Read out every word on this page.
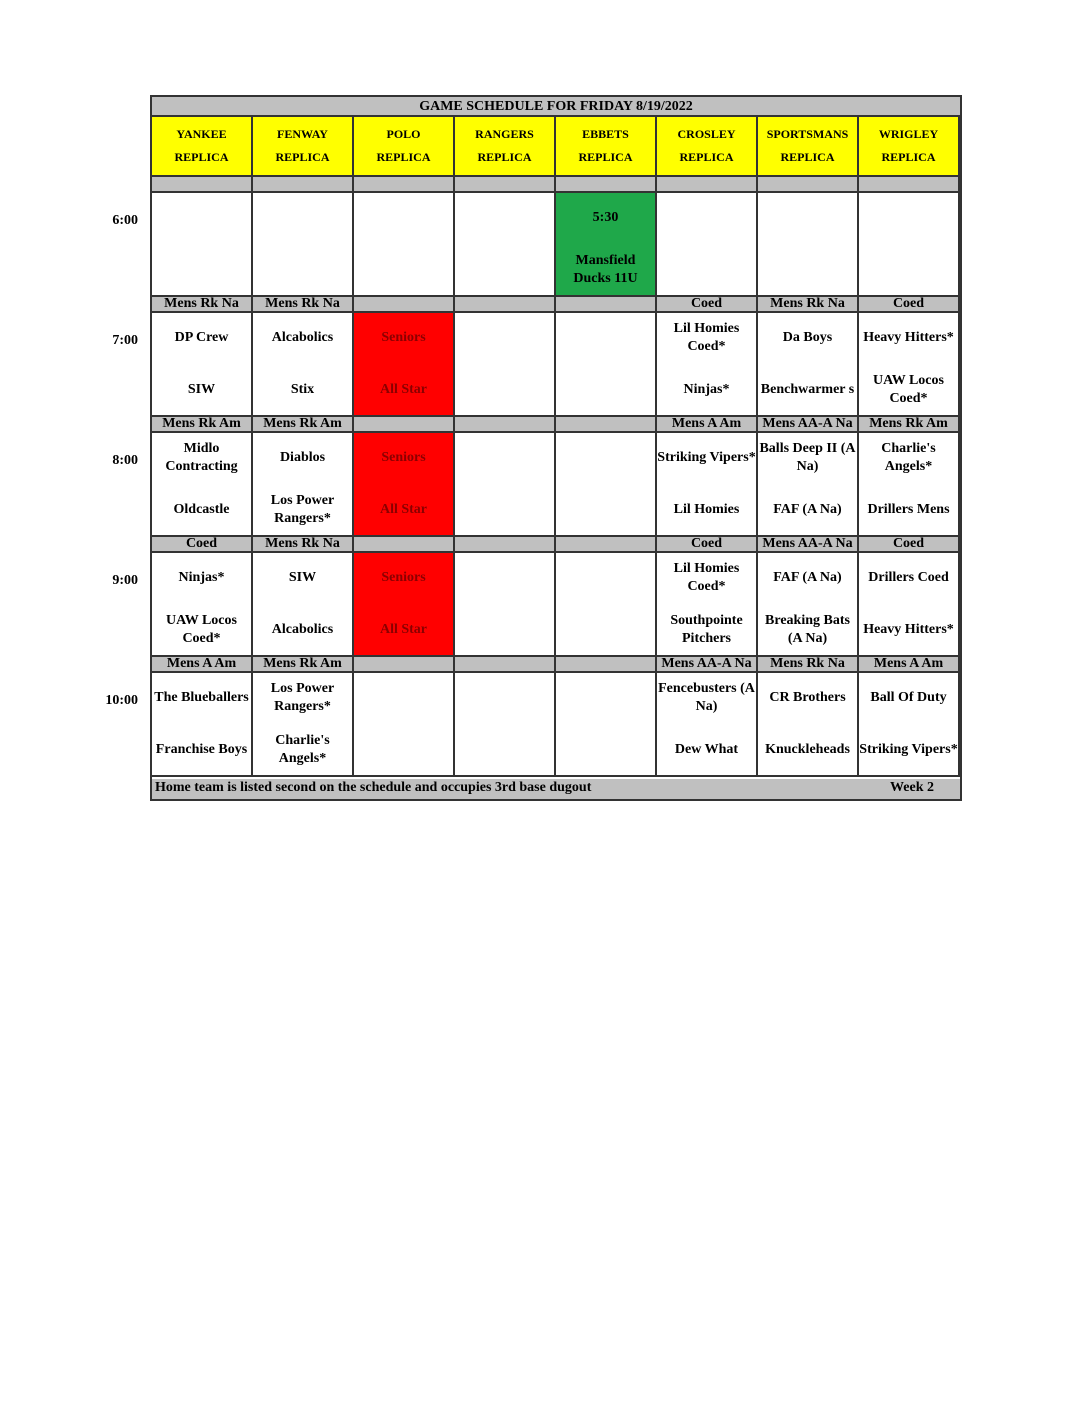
GAME SCHEDULE FOR FRIDAY 8/19/2022
YANKEE
REPLICA
FENWAY
REPLICA
POLO
REPLICA
RANGERS
REPLICA
EBBETS
REPLICA
CROSLEY
REPLICA
SPORTSMANS
REPLICA
WRIGLEY
REPLICA
5:30
Mansfield Ducks 11U
Mens Rk Na
DP Crew
SIW
Mens Rk Na
Alcabolics
Stix
Seniors
All Star
Coed
Lil Homies Coed*
Ninjas*
Mens Rk Na
Da Boys
Benchwarmer s
Coed
Heavy Hitters*
UAW Locos Coed*
Mens Rk Am
Midlo Contracting
Oldcastle
Mens Rk Am
Diablos
Los Power Rangers*
Seniors
All Star
Mens A Am
Striking Vipers*
Lil Homies
Mens AA-A Na
Balls Deep II (A Na)
FAF (A Na)
Mens Rk Am
Charlie's Angels*
Drillers Mens
Coed
Ninjas*
UAW Locos Coed*
Mens Rk Na
SIW
Alcabolics
Seniors
All Star
Coed
Lil Homies Coed*
Southpointe Pitchers
Mens AA-A Na
FAF (A Na)
Breaking Bats (A Na)
Coed
Drillers Coed
Heavy Hitters*
Mens A Am
The Blueballers
Franchise Boys
Mens Rk Am
Los Power Rangers*
Charlie's Angels*
Mens AA-A Na
Fencebusters (A Na)
Dew What
Mens Rk Na
CR Brothers
Knuckleheads
Mens A Am
Ball Of Duty
Striking Vipers*
Home team is listed second on the schedule and occupies 3rd base dugout	Week 2
6:00
7:00
8:00
9:00
10:00
